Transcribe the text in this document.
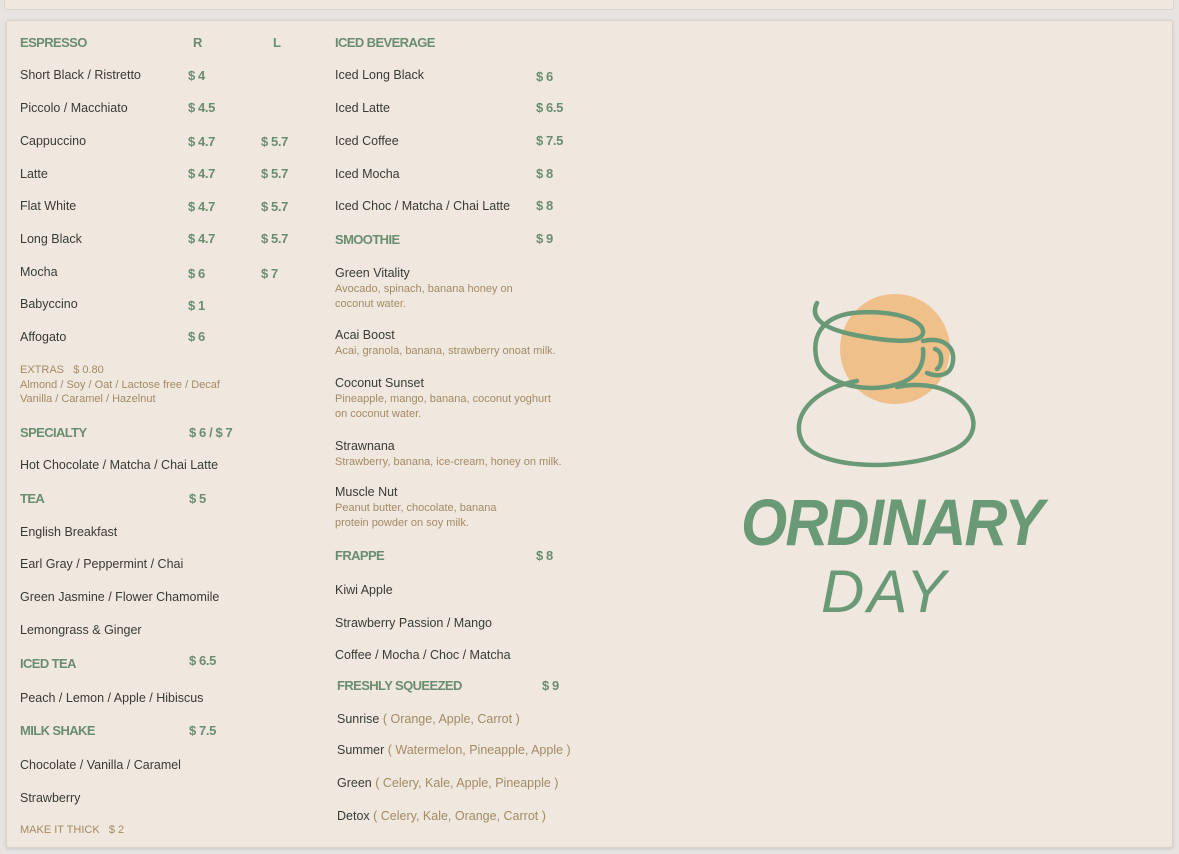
ESPRESSO	R	L
Short Black / Ristretto	$ 4
Piccolo / Macchiato	$ 4.5
Cappuccino	$ 4.7	$ 5.7
Latte	$ 4.7	$ 5.7
Flat White	$ 4.7	$ 5.7
Long Black	$ 4.7	$ 5.7
Mocha	$ 6	$ 7
Babyccino	$ 1
Affogato	$ 6
EXTRAS $ 0.80
Almond / Soy / Oat / Lactose free / Decaf
Vanilla / Caramel / Hazelnut
SPECIALTY	$ 6 / $ 7
Hot Chocolate / Matcha / Chai Latte
TEA	$ 5
English Breakfast
Earl Gray / Peppermint / Chai
Green Jasmine / Flower Chamomile
Lemongrass & Ginger
ICED TEA	$ 6.5
Peach / Lemon / Apple / Hibiscus
MILK SHAKE	$ 7.5
Chocolate / Vanilla / Caramel
Strawberry
MAKE IT THICK $ 2
ICED BEVERAGE
Iced Long Black	$ 6
Iced Latte	$ 6.5
Iced Coffee	$ 7.5
Iced Mocha	$ 8
Iced Choc / Matcha / Chai Latte $ 8
SMOOTHIE	$ 9
Green Vitality
Avocado, spinach, banana honey on
coconut water.
Acai Boost
Acai, granola, banana, strawberry onoat milk.
Coconut Sunset
Pineapple, mango, banana, coconut yoghurt
on coconut water.
Strawnana
Strawberry, banana, ice-cream, honey on milk.
Muscle Nut
Peanut butter, chocolate, banana
protein powder on soy milk.
FRAPPE	$ 8
Kiwi Apple
Strawberry Passion / Mango
Coffee / Mocha / Choc / Matcha
FRESHLY SQUEEZED	$ 9
Sunrise ( Orange, Apple, Carrot )
Summer ( Watermelon, Pineapple, Apple )
Green ( Celery, Kale, Apple, Pineapple )
Detox ( Celery, Kale, Orange, Carrot )
ORDINARY
DAY
